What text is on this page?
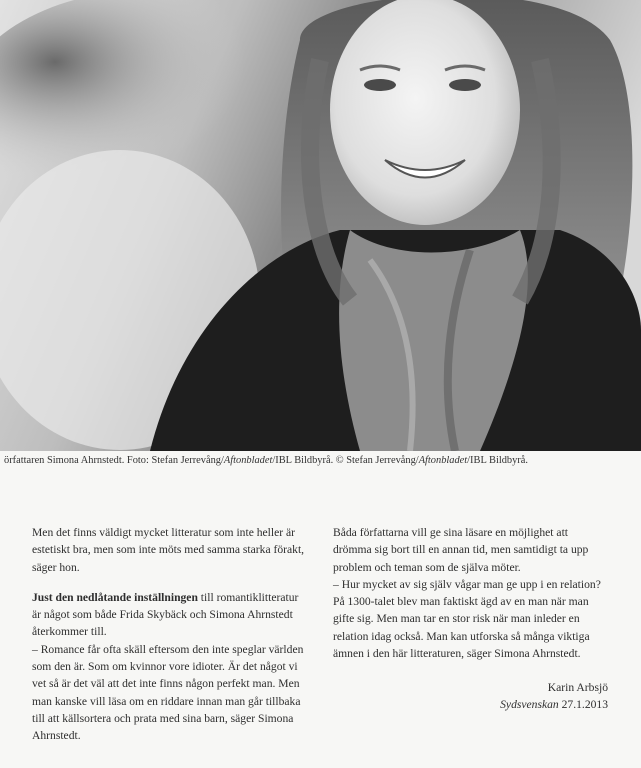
örfattaren Simona Ahrnstedt. Foto: Stefan Jerrevång/Aftonbladet/IBL Bildbyrå. © Stefan Jerrevång/Aftonbladet/IBL Bildbyrå.

Men det finns väldigt mycket litteratur som inte heller är estetiskt bra, men som inte möts med samma starka förakt, säger hon.

Just den nedlåtande inställningen till romantiklitteratur är något som både Frida Skybäck och Simona Ahrnstedt återkommer till.

– Romance får ofta skäll eftersom den inte speglar världen som den är. Som om kvinnor vore idioter. Är det något vi vet så är det väl att det inte finns någon perfekt man. Men man kanske vill läsa om en riddare innan man går tillbaka till att källsortera och prata med sina barn, säger Simona Ahrnstedt.

Båda författarna vill ge sina läsare en möjlighet att drömma sig bort till en annan tid, men samtidigt ta upp problem och teman som de själva möter.

– Hur mycket av sig själv vågar man ge upp i en relation? På 1300-talet blev man faktiskt ägd av en man när man gifte sig. Men man tar en stor risk när man inleder en relation idag också. Man kan utforska så många viktiga ämnen i den här litteraturen, säger Simona Ahrnstedt.

Karin Arbsjö
Sydsvenskan 27.1.2013
